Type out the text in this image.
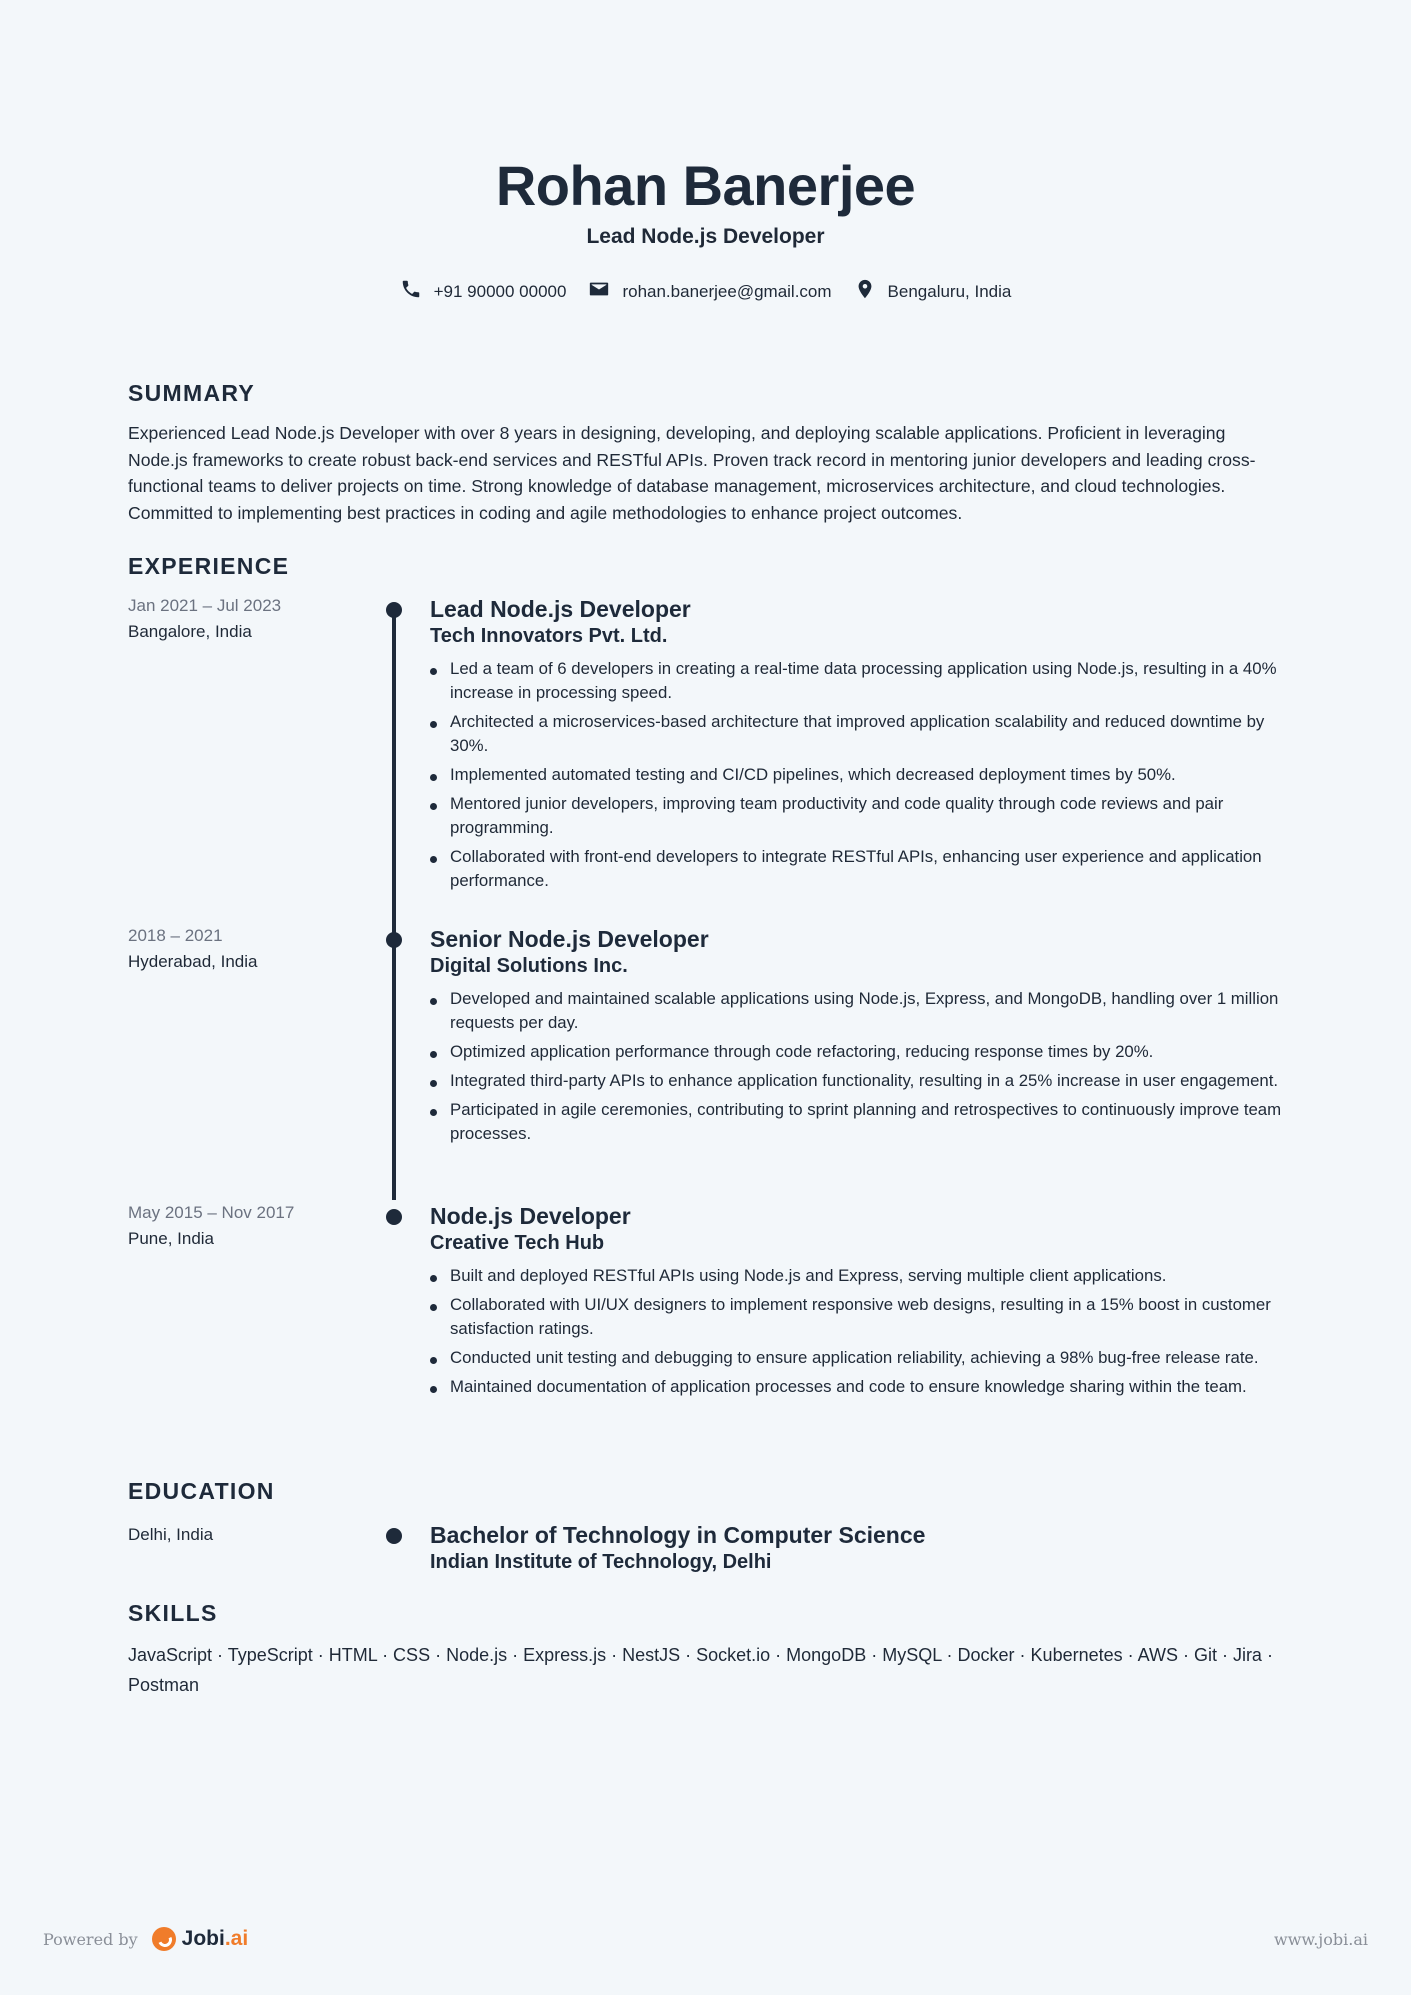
Rohan Banerjee
Lead Node.js Developer
+91 90000 00000	rohan.banerjee@gmail.com	Bengaluru, India
SUMMARY

Experienced Lead Node.js Developer with over 8 years in designing, developing, and deploying scalable applications. Proficient in leveraging Node.js frameworks to create robust back-end services and RESTful APIs. Proven track record in mentoring junior developers and leading cross-functional teams to deliver projects on time. Strong knowledge of database management, microservices architecture, and cloud technologies. Committed to implementing best practices in coding and agile methodologies to enhance project outcomes.

EXPERIENCE
Jan 2021 – Jul 2023
Bangalore, India
Lead Node.js Developer
Tech Innovators Pvt. Ltd.
Led a team of 6 developers in creating a real-time data processing application using Node.js, resulting in a 40% increase in processing speed.
Architected a microservices-based architecture that improved application scalability and reduced downtime by 30%.
Implemented automated testing and CI/CD pipelines, which decreased deployment times by 50%.
Mentored junior developers, improving team productivity and code quality through code reviews and pair programming.
Collaborated with front-end developers to integrate RESTful APIs, enhancing user experience and application performance.
2018 – 2021
Hyderabad, India
Senior Node.js Developer
Digital Solutions Inc.
Developed and maintained scalable applications using Node.js, Express, and MongoDB, handling over 1 million requests per day.
Optimized application performance through code refactoring, reducing response times by 20%.
Integrated third-party APIs to enhance application functionality, resulting in a 25% increase in user engagement.
Participated in agile ceremonies, contributing to sprint planning and retrospectives to continuously improve team processes.
May 2015 – Nov 2017
Pune, India
Node.js Developer
Creative Tech Hub
Built and deployed RESTful APIs using Node.js and Express, serving multiple client applications.
Collaborated with UI/UX designers to implement responsive web designs, resulting in a 15% boost in customer satisfaction ratings.
Conducted unit testing and debugging to ensure application reliability, achieving a 98% bug-free release rate.
Maintained documentation of application processes and code to ensure knowledge sharing within the team.
EDUCATION
Delhi, India	Bachelor of Technology in Computer Science
Indian Institute of Technology, Delhi
SKILLS

JavaScript · TypeScript · HTML · CSS · Node.js · Express.js · NestJS · Socket.io · MongoDB · MySQL · Docker · Kubernetes · AWS · Git · Jira · Postman

Powered by Jobi .ai	www.jobi.ai
